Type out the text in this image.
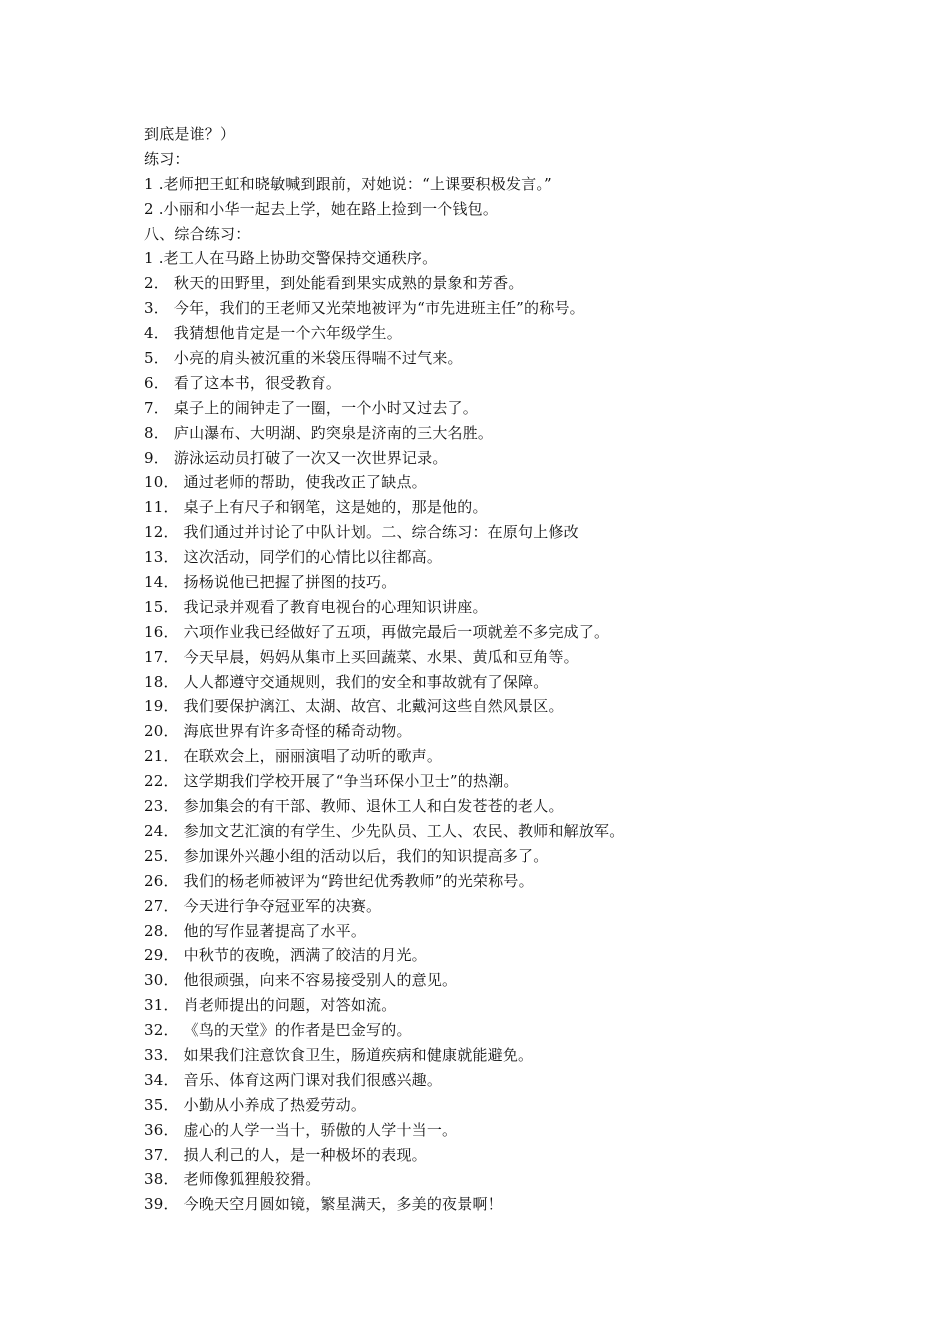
到底是谁？）
练习：
1 .老师把王虹和晓敏喊到跟前，对她说：“上课要积极发言。”
2 .小丽和小华一起去上学，她在路上捡到一个钱包。
八、综合练习：
1 .老工人在马路上协助交警保持交通秩序。
2． 秋天的田野里，到处能看到果实成熟的景象和芳香。
3． 今年，我们的王老师又光荣地被评为“市先进班主任”的称号。
4． 我猜想他肯定是一个六年级学生。
5． 小亮的肩头被沉重的米袋压得喘不过气来。
6． 看了这本书，很受教育。
7． 桌子上的闹钟走了一圈，一个小时又过去了。
8． 庐山瀑布、大明湖、趵突泉是济南的三大名胜。
9． 游泳运动员打破了一次又一次世界记录。
10． 通过老师的帮助，使我改正了缺点。
11． 桌子上有尺子和钢笔，这是她的，那是他的。
12． 我们通过并讨论了中队计划。二、综合练习：在原句上修改
13． 这次活动，同学们的心情比以往都高。
14． 扬杨说他已把握了拼图的技巧。
15． 我记录并观看了教育电视台的心理知识讲座。
16． 六项作业我已经做好了五项，再做完最后一项就差不多完成了。
17． 今天早晨，妈妈从集市上买回蔬菜、水果、黄瓜和豆角等。
18． 人人都遵守交通规则，我们的安全和事故就有了保障。
19． 我们要保护漓江、太湖、故宫、北戴河这些自然风景区。
20． 海底世界有许多奇怪的稀奇动物。
21． 在联欢会上，丽丽演唱了动听的歌声。
22． 这学期我们学校开展了“争当环保小卫士”的热潮。
23． 参加集会的有干部、教师、退休工人和白发苍苍的老人。
24． 参加文艺汇演的有学生、少先队员、工人、农民、教师和解放军。
25． 参加课外兴趣小组的活动以后，我们的知识提高多了。
26． 我们的杨老师被评为“跨世纪优秀教师”的光荣称号。
27． 今天进行争夺冠亚军的决赛。
28． 他的写作显著提高了水平。
29． 中秋节的夜晚，洒满了皎洁的月光。
30． 他很顽强，向来不容易接受别人的意见。
31． 肖老师提出的问题，对答如流。
32． 《鸟的天堂》的作者是巴金写的。
33． 如果我们注意饮食卫生，肠道疾病和健康就能避免。
34． 音乐、体育这两门课对我们很感兴趣。
35． 小勤从小养成了热爱劳动。
36． 虚心的人学一当十，骄傲的人学十当一。
37． 损人利己的人，是一种极坏的表现。
38． 老师像狐狸般狡猾。
39． 今晚天空月圆如镜，繁星满天，多美的夜景啊！
